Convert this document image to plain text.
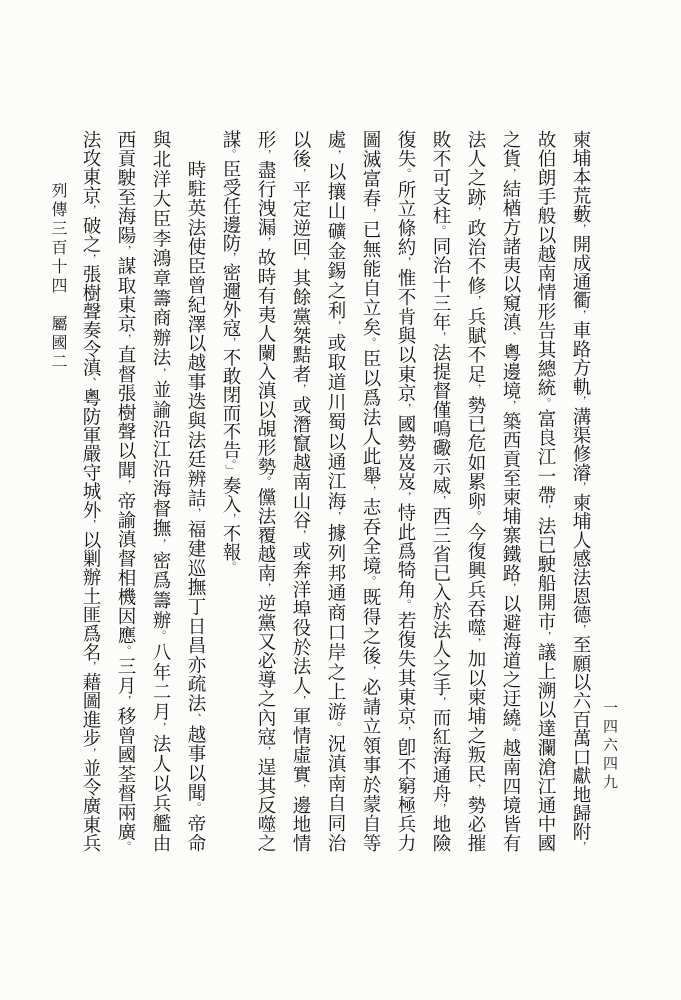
一四六四九
柬埔本荒藪，開成通衢，車路方軌，溝渠修濬，柬埔人感法恩德，至願以六百萬口獻地歸附，
故伯朗手般以越南情形告其總統。富良江一帶，法已駛船開市，議上溯以達瀾滄江通中國
之貨，結楢方諸夷以窺滇、粵邊境，築西貢至柬埔寨鐵路，以避海道之迂繞。越南四境皆有
法人之跡，政治不修，兵賦不足，勢已危如累卵。今復興兵吞噬，加以柬埔之叛民，勢必摧
敗不可支柱。同治十三年，法提督僅鳴礮示威，西三省已入於法人之手，而紅海通舟，地險
復失。所立條約，惟不肯與以東京，國勢岌岌，恃此爲犄角。若復失其東京，卽不窮極兵力
圖滅富春，已無能自立矣。臣以爲法人此舉，志吞全境。既得之後，必請立領事於蒙自等
處，以攘山礦金錫之利，或取道川蜀以通江海，據列邦通商口岸之上游。況滇南自同治
以後，平定逆回，其餘黨桀黠者，或潛竄越南山谷，或奔洋埠役於法人，軍情虛實，邊地情
形，盡行洩漏，故時有夷人闌入滇以覘形勢。儻法覆越南，逆黨又必導之內寇，逞其反噬之
謀。臣受任邊防，密邇外寇，不敢閉而不告。」奏入，不報。
時駐英法使臣曾紀澤以越事迭與法廷辨詰，福建巡撫丁日昌亦疏法、越事以聞。帝命
與北洋大臣李鴻章籌商辦法，並諭沿江沿海督撫，密爲籌辦。八年二月，法人以兵艦由
西貢駛至海陽，謀取東京，直督張樹聲以聞，帝諭滇督相機因應。三月，移曾國荃督兩廣。
法攻東京，破之，張樹聲奏令滇、粵防軍嚴守城外，以剿辦土匪爲名，藉圖進步，並令廣東兵
列傳三百十四　屬國二
